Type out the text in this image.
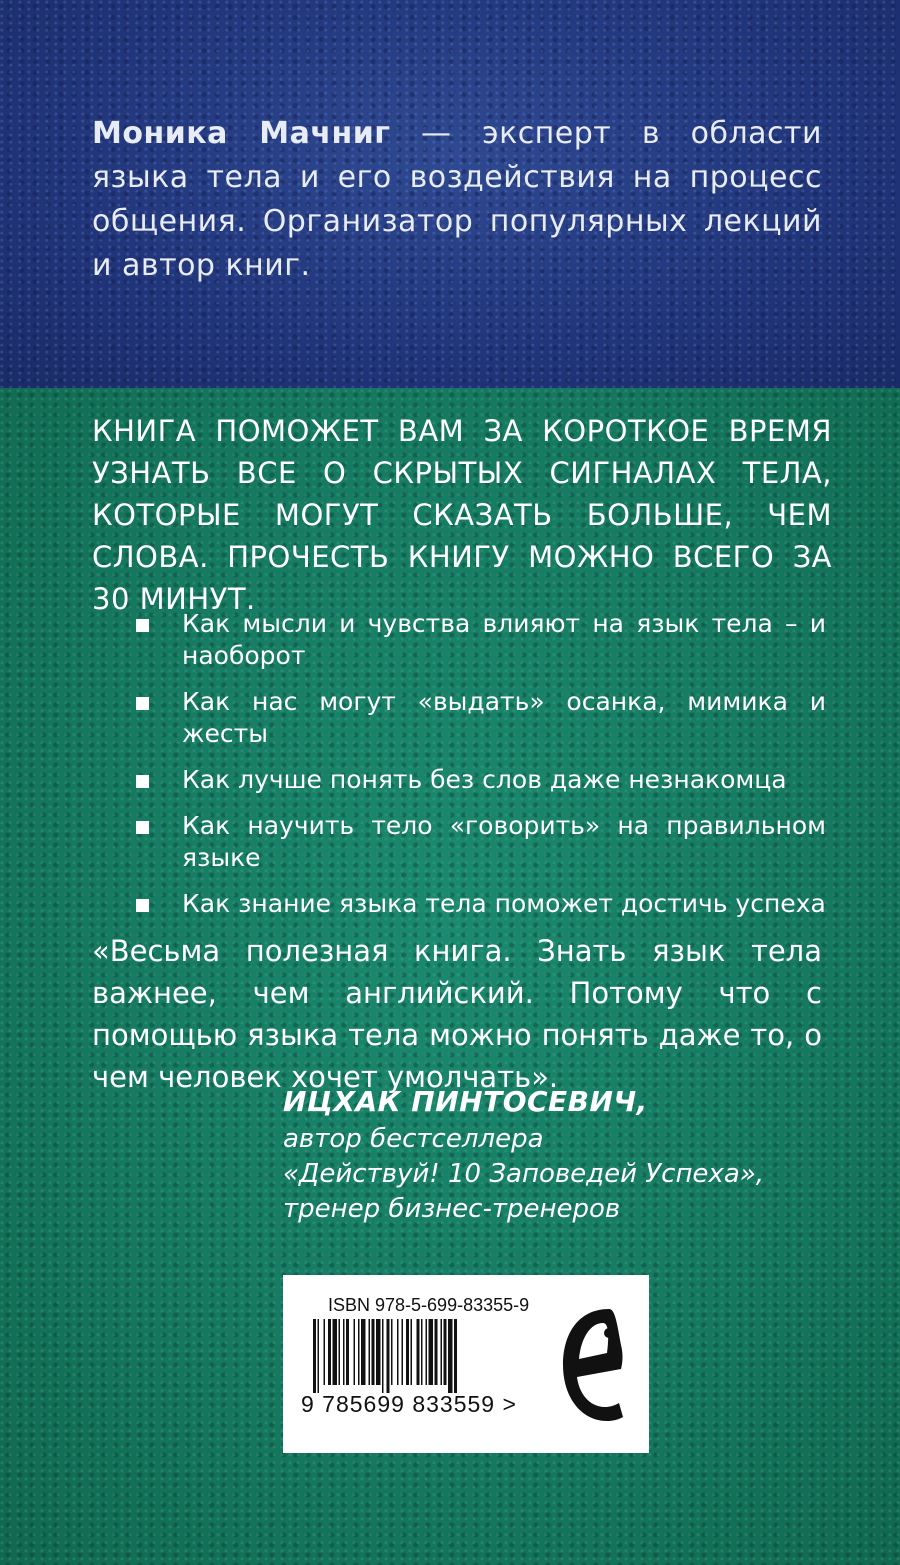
Моника Мачниг — эксперт в области языка тела и его воздействия на процесс общения. Организатор популярных лекций и автор книг.

КНИГА ПОМОЖЕТ ВАМ ЗА КОРОТКОЕ ВРЕМЯ УЗНАТЬ ВСЕ О СКРЫТЫХ СИГНАЛАХ ТЕЛА, КОТОРЫЕ МОГУТ СКАЗАТЬ БОЛЬШЕ, ЧЕМ СЛОВА. ПРОЧЕСТЬ КНИГУ МОЖНО ВСЕГО ЗА 30 МИНУТ.

Как мысли и чувства влияют на язык тела – и наоборот
Как нас могут «выдать» осанка, мимика и жесты
Как лучше понять без слов даже незнакомца
Как научить тело «говорить» на правильном языке
Как знание языка тела поможет достичь успеха

«Весьма полезная книга. Знать язык тела важнее, чем английский. Потому что с помощью языка тела можно понять даже то, о чем человек хочет умолчать».

ИЦХАК ПИНТОСЕВИЧ,
автор бестселлера
«Действуй! 10 Заповедей Успеха»,
тренер бизнес-тренеров
ISBN 978-5-699-83355-9
9 785699 833559 >
